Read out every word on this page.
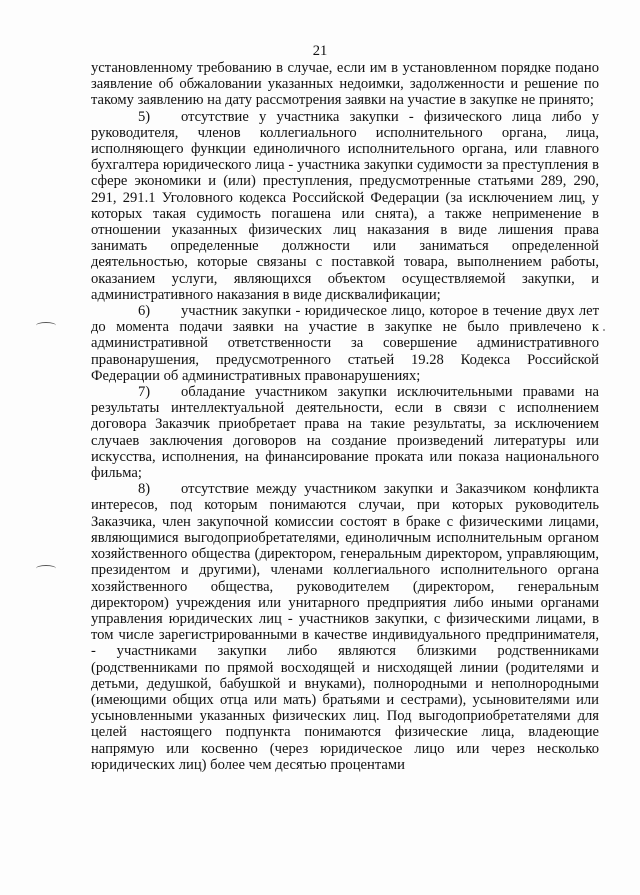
21

установленному требованию в случае, если им в установленном порядке подано заявление об обжаловании указанных недоимки, задолженности и решение по такому заявлению на дату рассмотрения заявки на участие в закупке не принято;

5) отсутствие у участника закупки - физического лица либо у руководителя, членов коллегиального исполнительного органа, лица, исполняющего функции единоличного исполнительного органа, или главного бухгалтера юридического лица - участника закупки судимости за преступления в сфере экономики и (или) преступления, предусмотренные статьями 289, 290, 291, 291.1 Уголовного кодекса Российской Федерации (за исключением лиц, у которых такая судимость погашена или снята), а также неприменение в отношении указанных физических лиц наказания в виде лишения права занимать определенные должности или заниматься определенной деятельностью, которые связаны с поставкой товара, выполнением работы, оказанием услуги, являющихся объектом осуществляемой закупки, и административного наказания в виде дисквалификации;

6) участник закупки - юридическое лицо, которое в течение двух лет до момента подачи заявки на участие в закупке не было привлечено к административной ответственности за совершение административного правонарушения, предусмотренного статьей 19.28 Кодекса Российской Федерации об административных правонарушениях;

7) обладание участником закупки исключительными правами на результаты интеллектуальной деятельности, если в связи с исполнением договора Заказчик приобретает права на такие результаты, за исключением случаев заключения договоров на создание произведений литературы или искусства, исполнения, на финансирование проката или показа национального фильма;

8) отсутствие между участником закупки и Заказчиком конфликта интересов, под которым понимаются случаи, при которых руководитель Заказчика, член закупочной комиссии состоят в браке с физическими лицами, являющимися выгодоприобретателями, единоличным исполнительным органом хозяйственного общества (директором, генеральным директором, управляющим, президентом и другими), членами коллегиального исполнительного органа хозяйственного общества, руководителем (директором, генеральным директором) учреждения или унитарного предприятия либо иными органами управления юридических лиц - участников закупки, с физическими лицами, в том числе зарегистрированными в качестве индивидуального предпринимателя, - участниками закупки либо являются близкими родственниками (родственниками по прямой восходящей и нисходящей линии (родителями и детьми, дедушкой, бабушкой и внуками), полнородными и неполнородными (имеющими общих отца или мать) братьями и сестрами), усыновителями или усыновленными указанных физических лиц. Под выгодоприобретателями для целей настоящего подпункта понимаются физические лица, владеющие напрямую или косвенно (через юридическое лицо или через несколько юридических лиц) более чем десятью процентами
